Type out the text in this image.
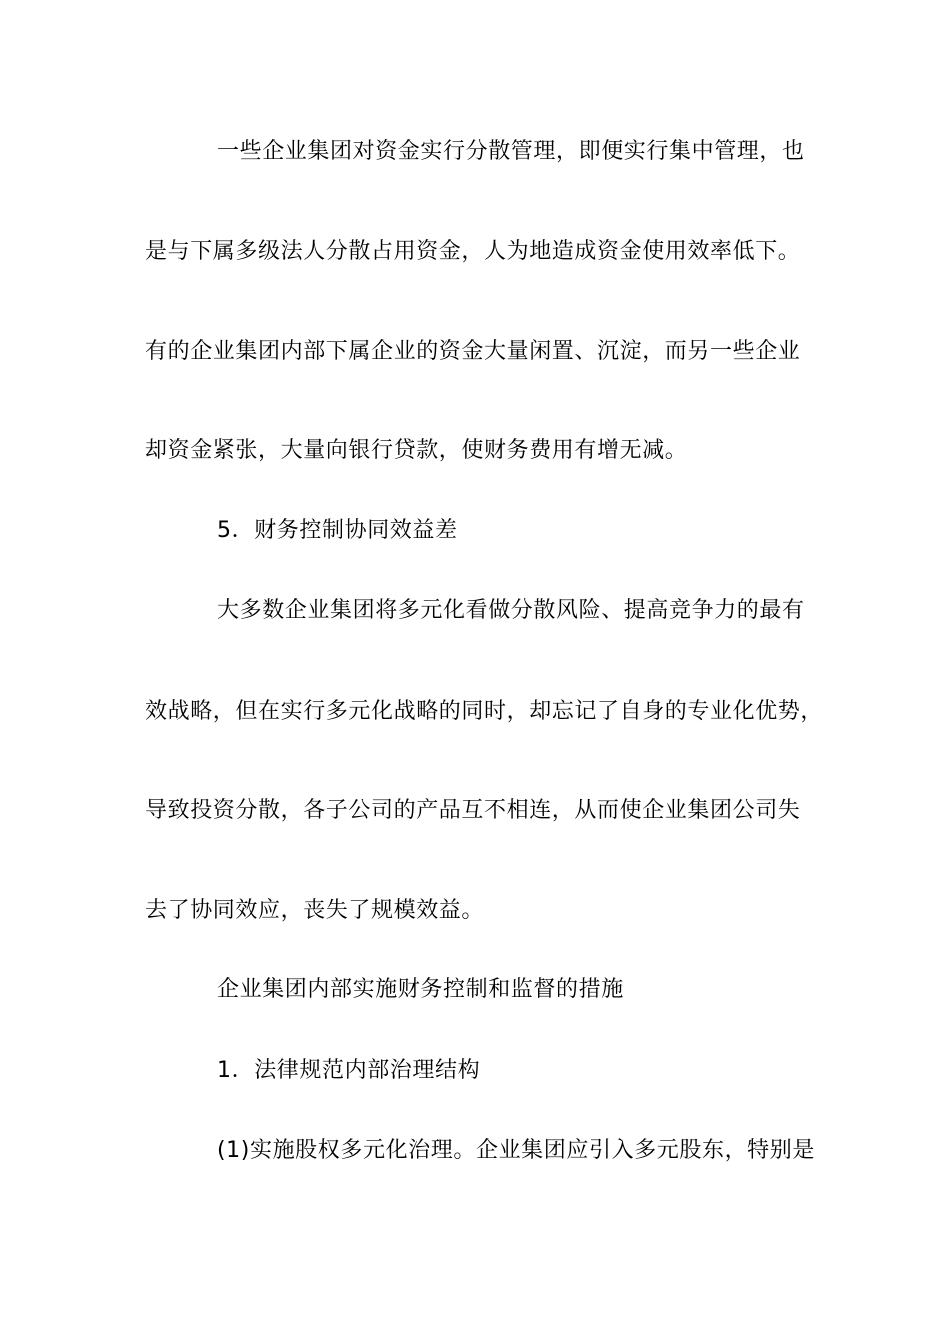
一些企业集团对资金实行分散管理，即便实行集中管理，也
是与下属多级法人分散占用资金，人为地造成资金使用效率低下。
有的企业集团内部下属企业的资金大量闲置、沉淀，而另一些企业
却资金紧张，大量向银行贷款，使财务费用有增无减。
5．财务控制协同效益差
大多数企业集团将多元化看做分散风险、提高竞争力的最有
效战略，但在实行多元化战略的同时，却忘记了自身的专业化优势，
导致投资分散，各子公司的产品互不相连，从而使企业集团公司失
去了协同效应，丧失了规模效益。
企业集团内部实施财务控制和监督的措施
1．法律规范内部治理结构
(1)实施股权多元化治理。企业集团应引入多元股东，特别是
